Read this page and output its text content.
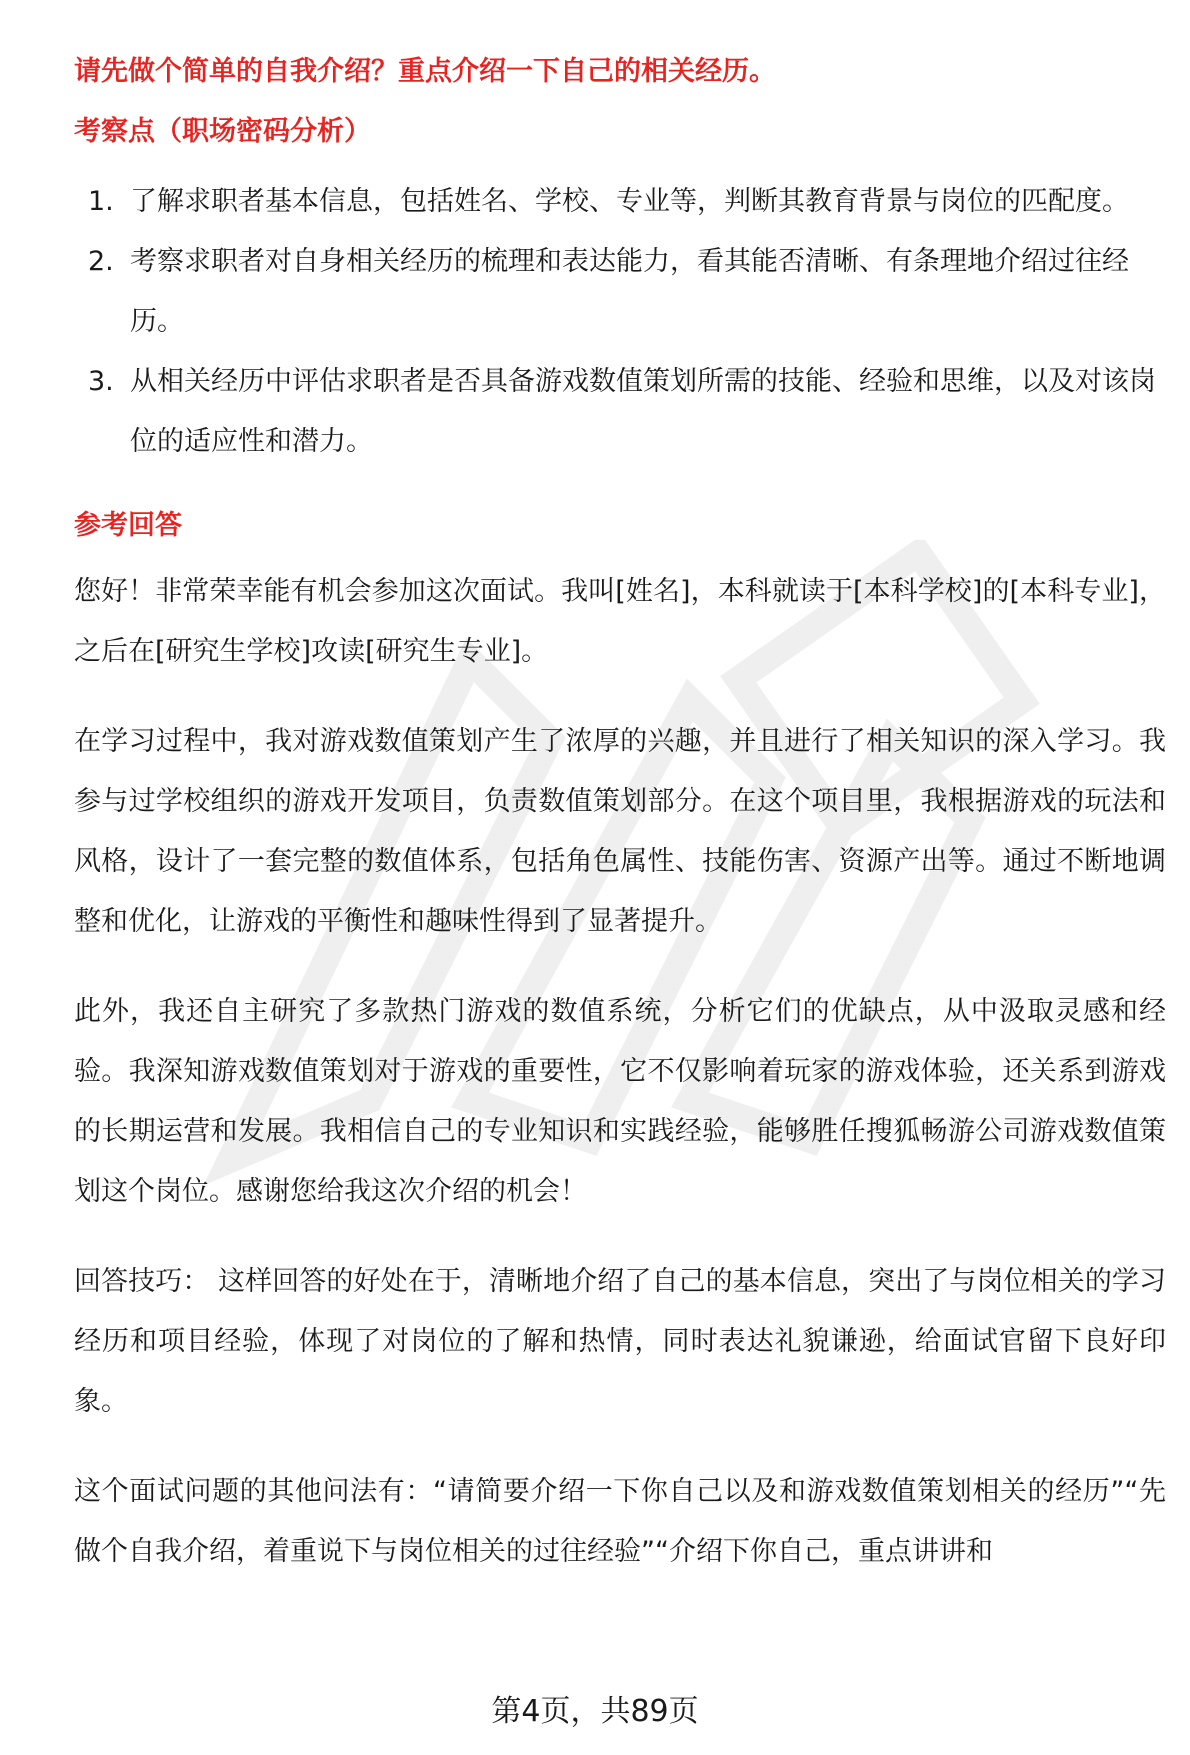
请先做个简单的自我介绍？重点介绍一下自己的相关经历。

考察点（职场密码分析）

1. 了解求职者基本信息，包括姓名、学校、专业等，判断其教育背景与岗位的匹配度。
2. 考察求职者对自身相关经历的梳理和表达能力，看其能否清晰、有条理地介绍过往经历。
3. 从相关经历中评估求职者是否具备游戏数值策划所需的技能、经验和思维，以及对该岗位的适应性和潜力。

参考回答

您好！非常荣幸能有机会参加这次面试。我叫[姓名]，本科就读于[本科学校]的[本科专业]，之后在[研究生学校]攻读[研究生专业]。

在学习过程中，我对游戏数值策划产生了浓厚的兴趣，并且进行了相关知识的深入学习。我参与过学校组织的游戏开发项目，负责数值策划部分。在这个项目里，我根据游戏的玩法和风格，设计了一套完整的数值体系，包括角色属性、技能伤害、资源产出等。通过不断地调整和优化，让游戏的平衡性和趣味性得到了显著提升。

此外，我还自主研究了多款热门游戏的数值系统，分析它们的优缺点，从中汲取灵感和经验。我深知游戏数值策划对于游戏的重要性，它不仅影响着玩家的游戏体验，还关系到游戏的长期运营和发展。我相信自己的专业知识和实践经验，能够胜任搜狐畅游公司游戏数值策划这个岗位。感谢您给我这次介绍的机会！

回答技巧： 这样回答的好处在于，清晰地介绍了自己的基本信息，突出了与岗位相关的学习经历和项目经验，体现了对岗位的了解和热情，同时表达礼貌谦逊，给面试官留下良好印象。

这个面试问题的其他问法有：“请简要介绍一下你自己以及和游戏数值策划相关的经历”“先做个自我介绍，着重说下与岗位相关的过往经验”“介绍下你自己，重点讲讲和

第4页，共89页
